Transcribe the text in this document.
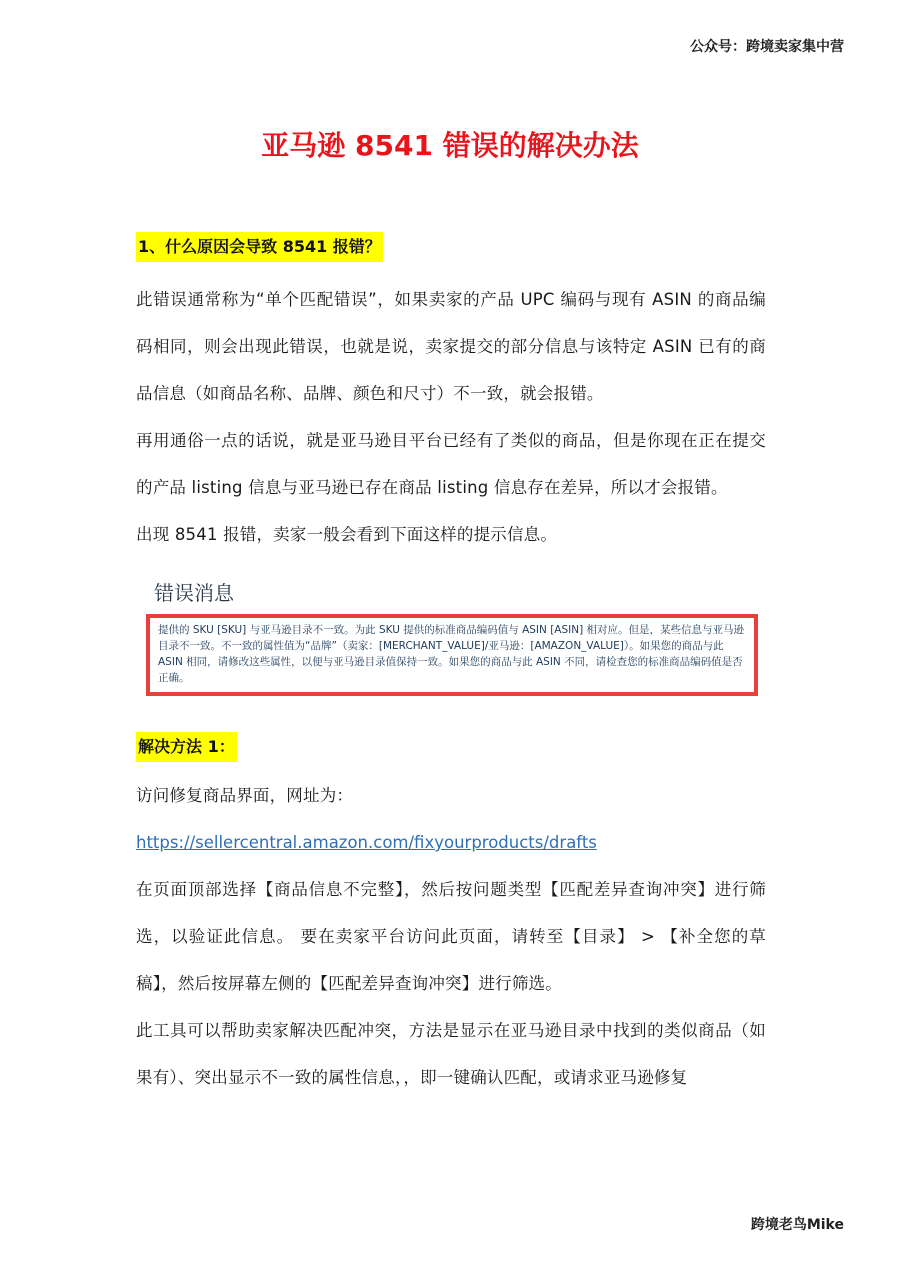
公众号：跨境卖家集中营
亚马逊 8541 错误的解决办法
1、什么原因会导致 8541 报错？

此错误通常称为“单个匹配错误”，如果卖家的产品 UPC 编码与现有 ASIN 的商品编码相同，则会出现此错误，也就是说，卖家提交的部分信息与该特定 ASIN 已有的商品信息（如商品名称、品牌、颜色和尺寸）不一致，就会报错。

再用通俗一点的话说，就是亚马逊目平台已经有了类似的商品，但是你现在正在提交的产品 listing 信息与亚马逊已存在商品 listing 信息存在差异，所以才会报错。

出现 8541 报错，卖家一般会看到下面这样的提示信息。

错误消息
提供的 SKU [SKU] 与亚马逊目录不一致。为此 SKU 提供的标准商品编码值与 ASIN [ASIN] 相对应。但是，某些信息与亚马逊目录不一致。不一致的属性值为“品牌”（卖家：[MERCHANT_VALUE]/亚马逊：[AMAZON_VALUE]）。如果您的商品与此 ASIN 相同，请修改这些属性，以便与亚马逊目录值保持一致。如果您的商品与此 ASIN 不同，请检查您的标准商品编码值是否正确。
解决方法 1：

访问修复商品界面，网址为：

https://sellercentral.amazon.com/fixyourproducts/drafts

在页面顶部选择【商品信息不完整】，然后按问题类型【匹配差异查询冲突】进行筛选，以验证此信息。 要在卖家平台访问此页面，请转至【目录】 > 【补全您的草稿】，然后按屏幕左侧的【匹配差异查询冲突】进行筛选。

此工具可以帮助卖家解决匹配冲突，方法是显示在亚马逊目录中找到的类似商品（如果有）、突出显示不一致的属性信息，，即一键确认匹配，或请求亚马逊修复

跨境老鸟Mike
